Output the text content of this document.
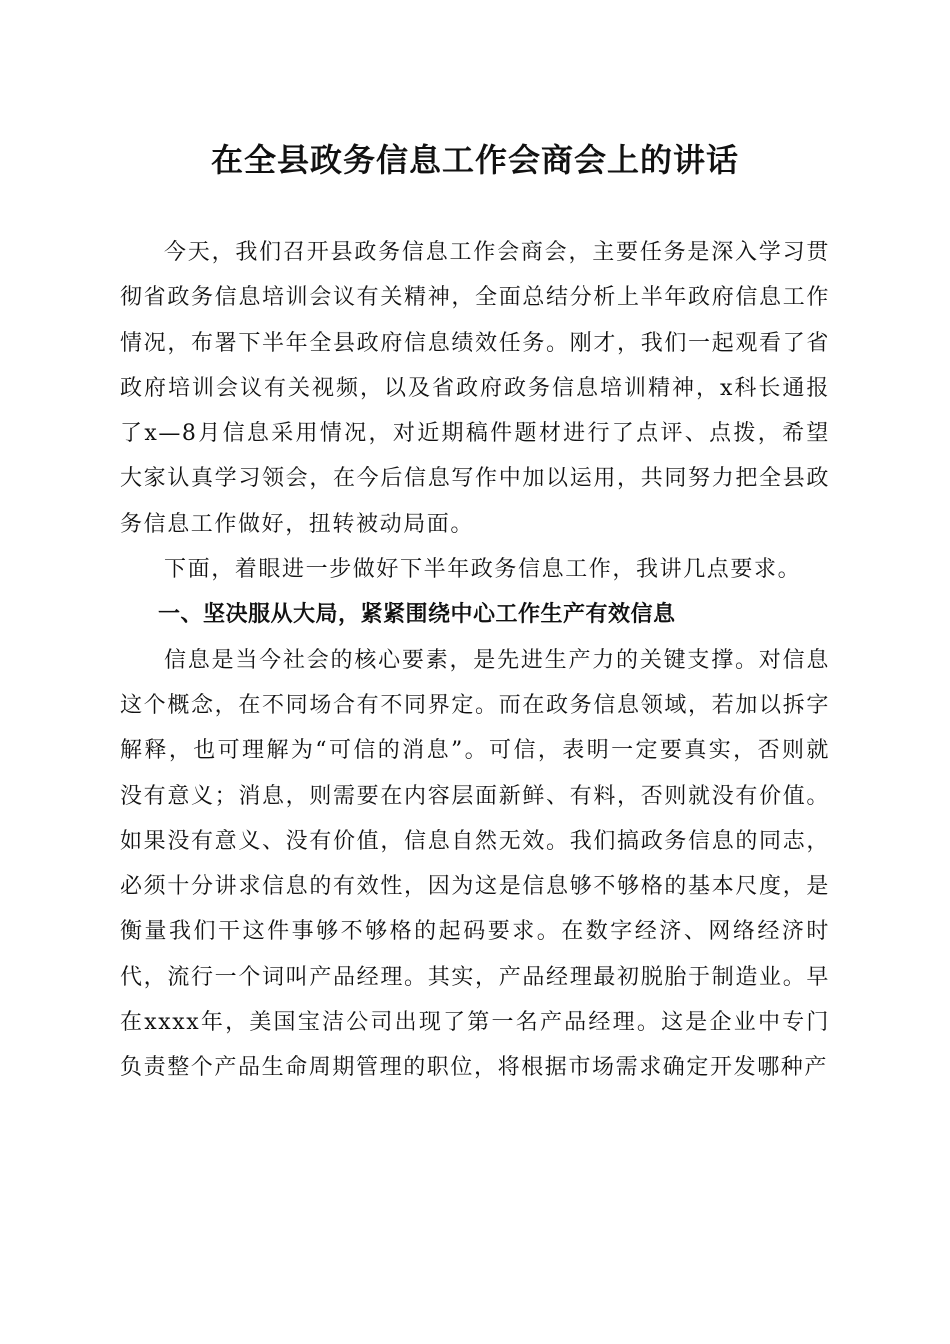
在全县政务信息工作会商会上的讲话

今天，我们召开县政务信息工作会商会，主要任务是深入学习贯彻省政务信息培训会议有关精神，全面总结分析上半年政府信息工作情况，布署下半年全县政府信息绩效任务。刚才，我们一起观看了省政府培训会议有关视频，以及省政府政务信息培训精神，x科长通报了x—8月信息采用情况，对近期稿件题材进行了点评、点拨，希望大家认真学习领会，在今后信息写作中加以运用，共同努力把全县政务信息工作做好，扭转被动局面。

下面，着眼进一步做好下半年政务信息工作，我讲几点要求。

一、坚决服从大局，紧紧围绕中心工作生产有效信息

信息是当今社会的核心要素，是先进生产力的关键支撑。对信息这个概念，在不同场合有不同界定。而在政务信息领域，若加以拆字解释，也可理解为“可信的消息”。可信，表明一定要真实，否则就没有意义；消息，则需要在内容层面新鲜、有料，否则就没有价值。如果没有意义、没有价值，信息自然无效。我们搞政务信息的同志，必须十分讲求信息的有效性，因为这是信息够不够格的基本尺度，是衡量我们干这件事够不够格的起码要求。在数字经济、网络经济时代，流行一个词叫产品经理。其实，产品经理最初脱胎于制造业。早在xxxx年，美国宝洁公司出现了第一名产品经理。这是企业中专门负责整个产品生命周期管理的职位，将根据市场需求确定开发哪种产
